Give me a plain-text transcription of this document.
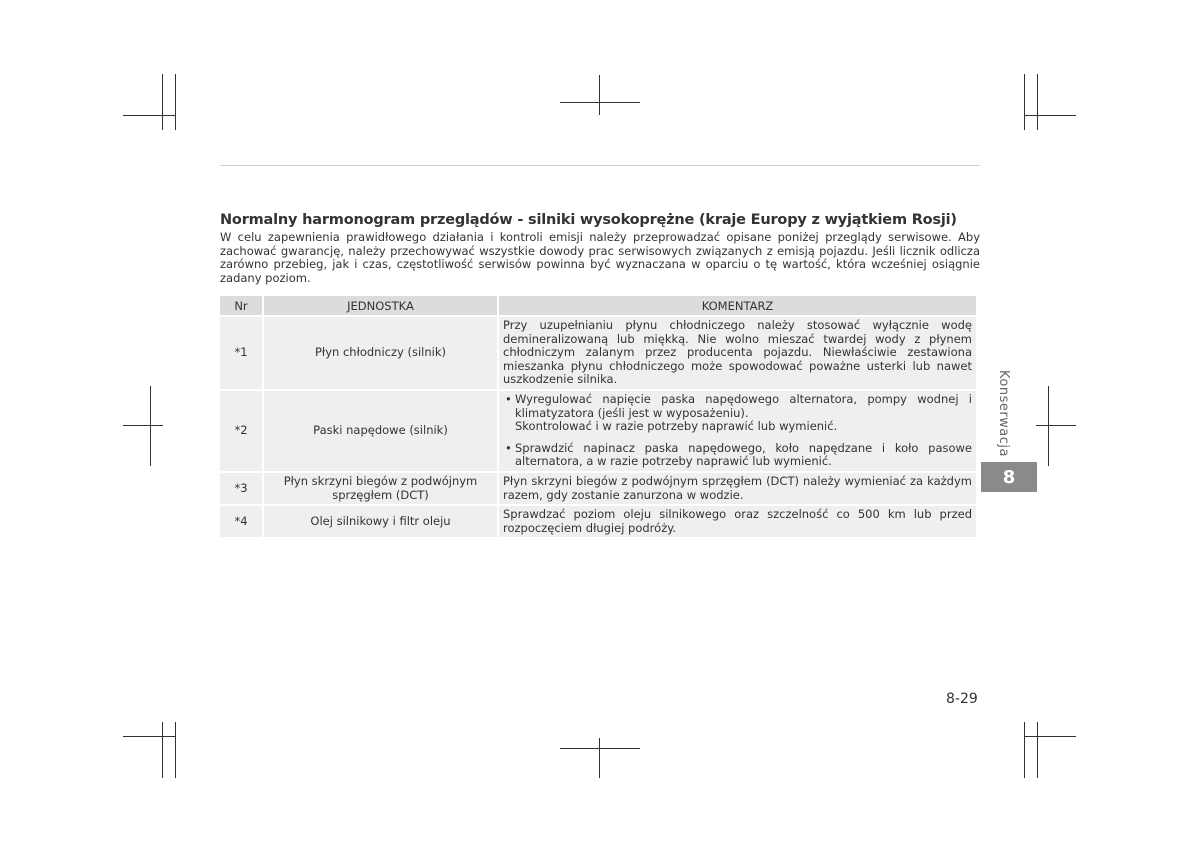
Normalny harmonogram przeglądów - silniki wysokoprężne (kraje Europy z wyjątkiem Rosji)
W celu zapewnienia prawidłowego działania i kontroli emisji należy przeprowadzać opisane poniżej przeglądy serwisowe. Aby zachować gwarancję, należy przechowywać wszystkie dowody prac serwisowych związanych z emisją pojazdu. Jeśli licznik odlicza zarówno przebieg, jak i czas, częstotliwość serwisów powinna być wyznaczana w oparciu o tę wartość, która wcześniej osiągnie zadany poziom.
Nr	JEDNOSTKA	KOMENTARZ
*1	Płyn chłodniczy (silnik)	Przy uzupełnianiu płynu chłodniczego należy stosować wyłącznie wodę demineralizowaną lub miękką. Nie wolno mieszać twardej wody z płynem chłodniczym zalanym przez producenta pojazdu. Niewłaściwie zestawiona mieszanka płynu chłodniczego może spowodować poważne usterki lub nawet uszkodzenie silnika.
*2	Paski napędowe (silnik)	• Wyregulować napięcie paska napędowego alternatora, pompy wodnej i klimatyzatora (jeśli jest w wyposażeniu).
Skontrolować i w razie potrzeby naprawić lub wymienić.
• Sprawdzić napinacz paska napędowego, koło napędzane i koło pasowe alternatora, a w razie potrzeby naprawić lub wymienić.

*3	Płyn skrzyni biegów z podwójnym sprzęgłem (DCT)	Płyn skrzyni biegów z podwójnym sprzęgłem (DCT) należy wymieniać za każdym razem, gdy zostanie zanurzona w wodzie.
*4	Olej silnikowy i filtr oleju	Sprawdzać poziom oleju silnikowego oraz szczelność co 500 km lub przed rozpoczęciem długiej podróży.
Konserwacja
8
8-29
